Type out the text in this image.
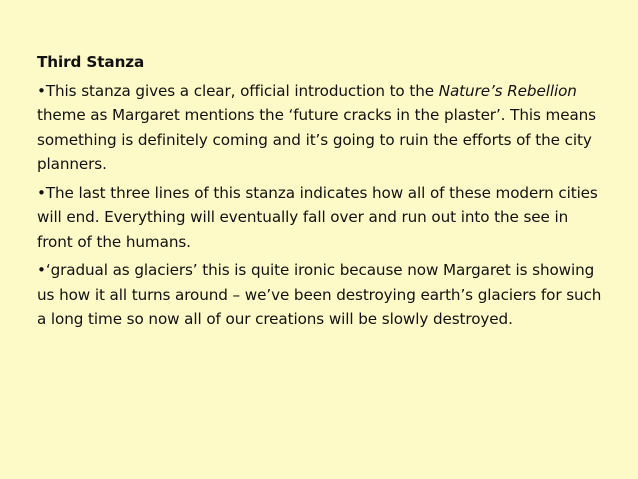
Third Stanza

•This stanza gives a clear, official introduction to the Nature’s Rebellion theme as Margaret mentions the ‘future cracks in the plaster’. This means something is definitely coming and it’s going to ruin the efforts of the city planners.

•The last three lines of this stanza indicates how all of these modern cities will end. Everything will eventually fall over and run out into the see in front of the humans.

•‘gradual as glaciers’ this is quite ironic because now Margaret is showing us how it all turns around – we’ve been destroying earth’s glaciers for such a long time so now all of our creations will be slowly destroyed.
